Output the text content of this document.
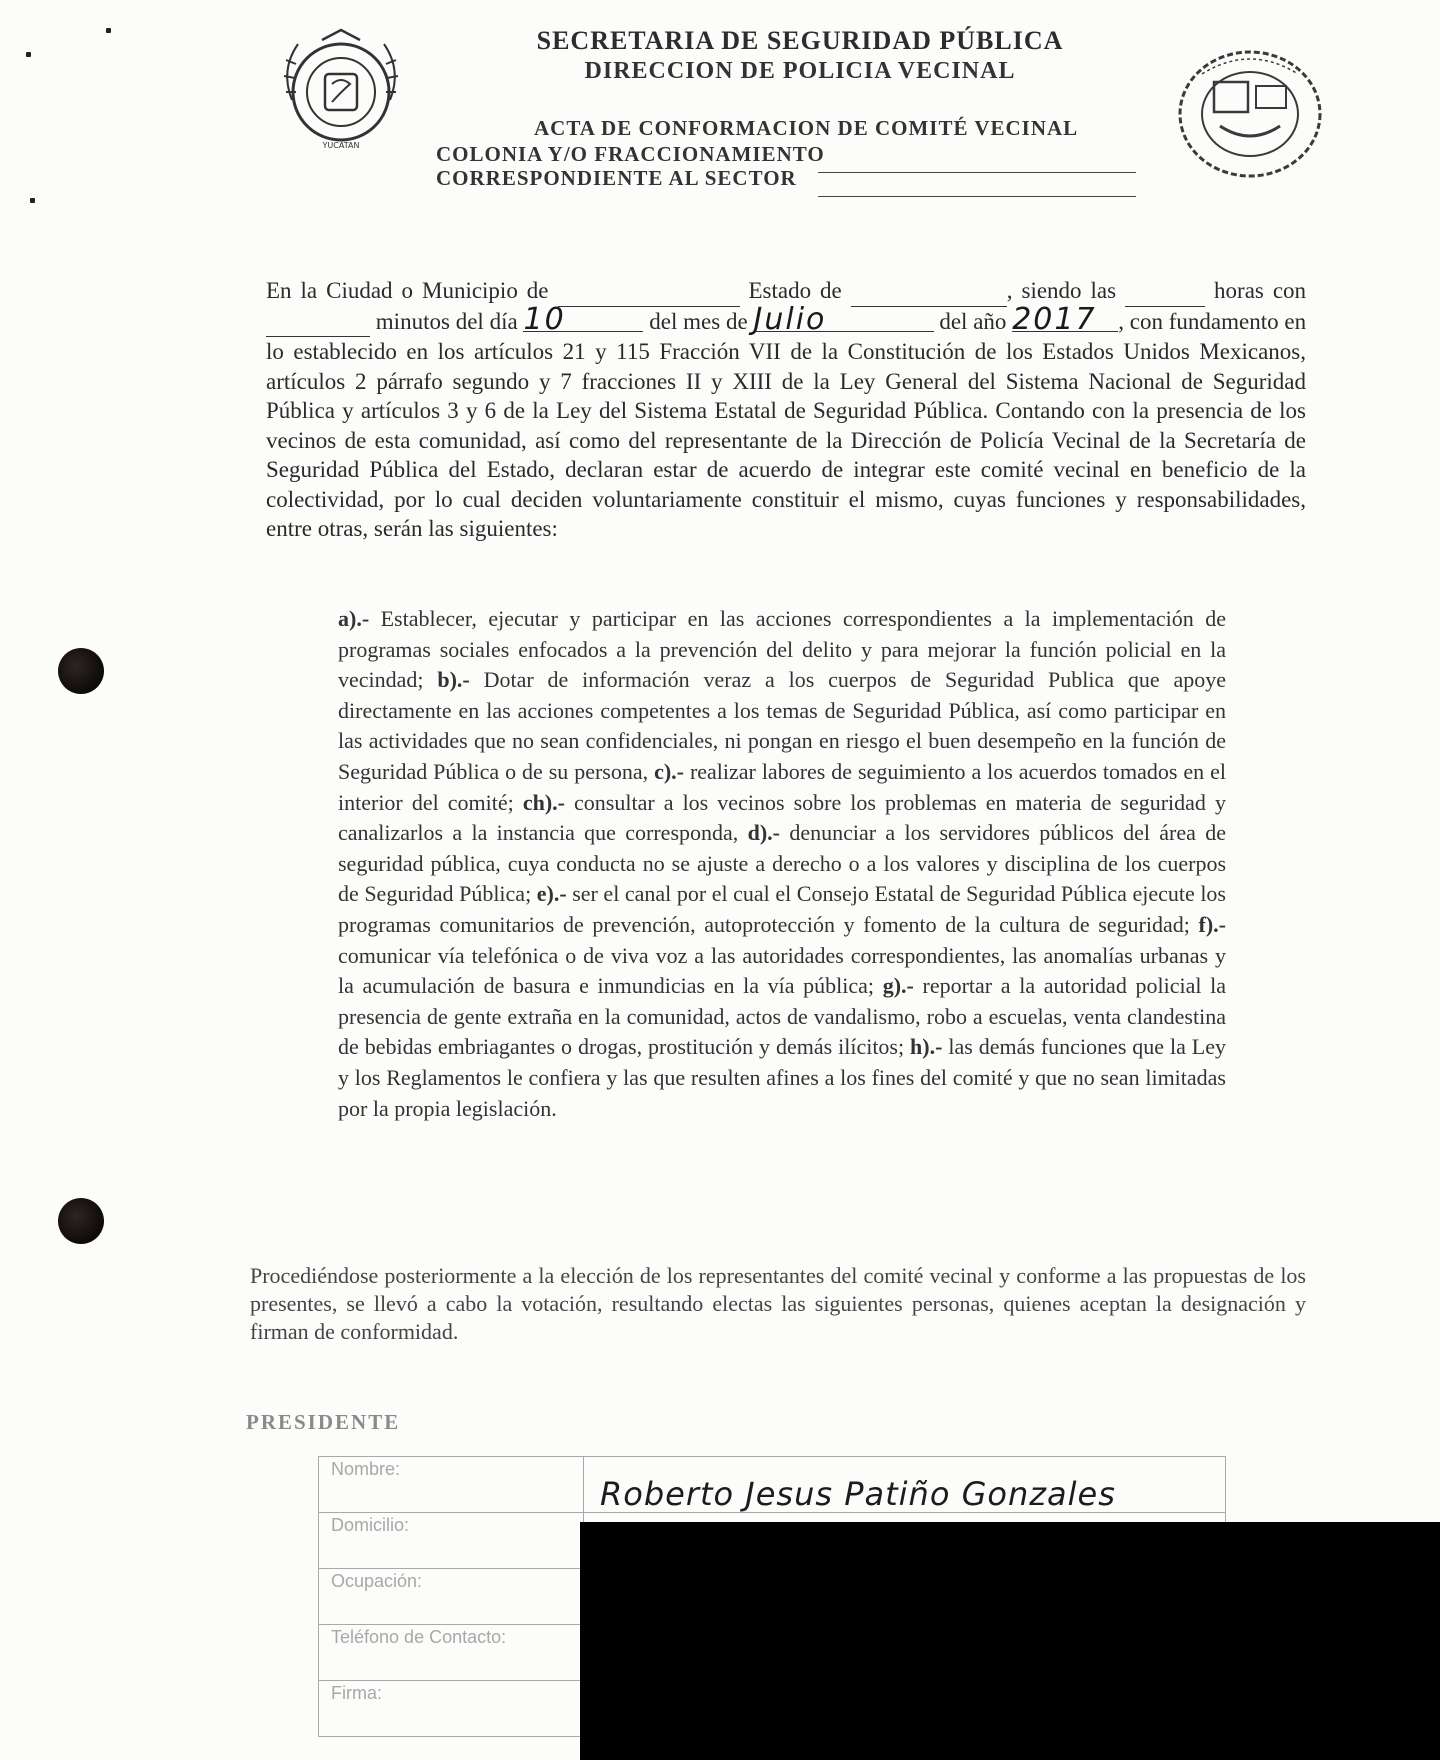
YUCATAN
SECRETARIA DE SEGURIDAD PÚBLICA
DIRECCION DE POLICIA VECINAL
ACTA DE CONFORMACION DE COMITÉ VECINAL
COLONIA Y/O FRACCIONAMIENTO
CORRESPONDIENTE AL SECTOR
En la Ciudad o Municipio de	Estado de	, siendo las	horas con   minutos del día 10	del mes de Julio	del año 2017 , con fundamento en lo establecido en los artículos 21 y 115 Fracción VII de la Constitución de los Estados Unidos Mexicanos, artículos 2 párrafo segundo y 7 fracciones II y XIII de la Ley General del Sistema Nacional de Seguridad Pública y artículos 3 y 6 de la Ley del Sistema Estatal de Seguridad Pública. Contando con la presencia de los vecinos de esta comunidad, así como del representante de la Dirección de Policía Vecinal de la Secretaría de Seguridad Pública del Estado, declaran estar de acuerdo de integrar este comité vecinal en beneficio de la colectividad, por lo cual deciden voluntariamente constituir el mismo, cuyas funciones y responsabilidades, entre otras, serán las siguientes:
a).- Establecer, ejecutar y participar en las acciones correspondientes a la implementación de programas sociales enfocados a la prevención del delito y para mejorar la función policial en la vecindad; b).- Dotar de información veraz a los cuerpos de Seguridad Publica que apoye directamente en las acciones competentes a los temas de Seguridad Pública, así como participar en las actividades que no sean confidenciales, ni pongan en riesgo el buen desempeño en la función de Seguridad Pública o de su persona, c).- realizar labores de seguimiento a los acuerdos tomados en el interior del comité; ch).- consultar a los vecinos sobre los problemas en materia de seguridad y canalizarlos a la instancia que corresponda, d).- denunciar a los servidores públicos del área de seguridad pública, cuya conducta no se ajuste a derecho o a los valores y disciplina de los cuerpos de Seguridad Pública; e).- ser el canal por el cual el Consejo Estatal de Seguridad Pública ejecute los programas comunitarios de prevención, autoprotección y fomento de la cultura de seguridad; f).- comunicar vía telefónica o de viva voz a las autoridades correspondientes, las anomalías urbanas y la acumulación de basura e inmundicias en la vía pública; g).- reportar a la autoridad policial la presencia de gente extraña en la comunidad, actos de vandalismo, robo a escuelas, venta clandestina de bebidas embriagantes o drogas, prostitución y demás ilícitos; h).- las demás funciones que la Ley y los Reglamentos le confiera y las que resulten afines a los fines del comité y que no sean limitadas por la propia legislación.
Procediéndose posteriormente a la elección de los representantes del comité vecinal y conforme a las propuestas de los presentes, se llevó a cabo la votación, resultando electas las siguientes personas, quienes aceptan la designación y firman de conformidad.
PRESIDENTE
Nombre:	Roberto Jesus Patiño Gonzales
Domicilio:	
Ocupación:	
Teléfono de Contacto:	
Firma:	
